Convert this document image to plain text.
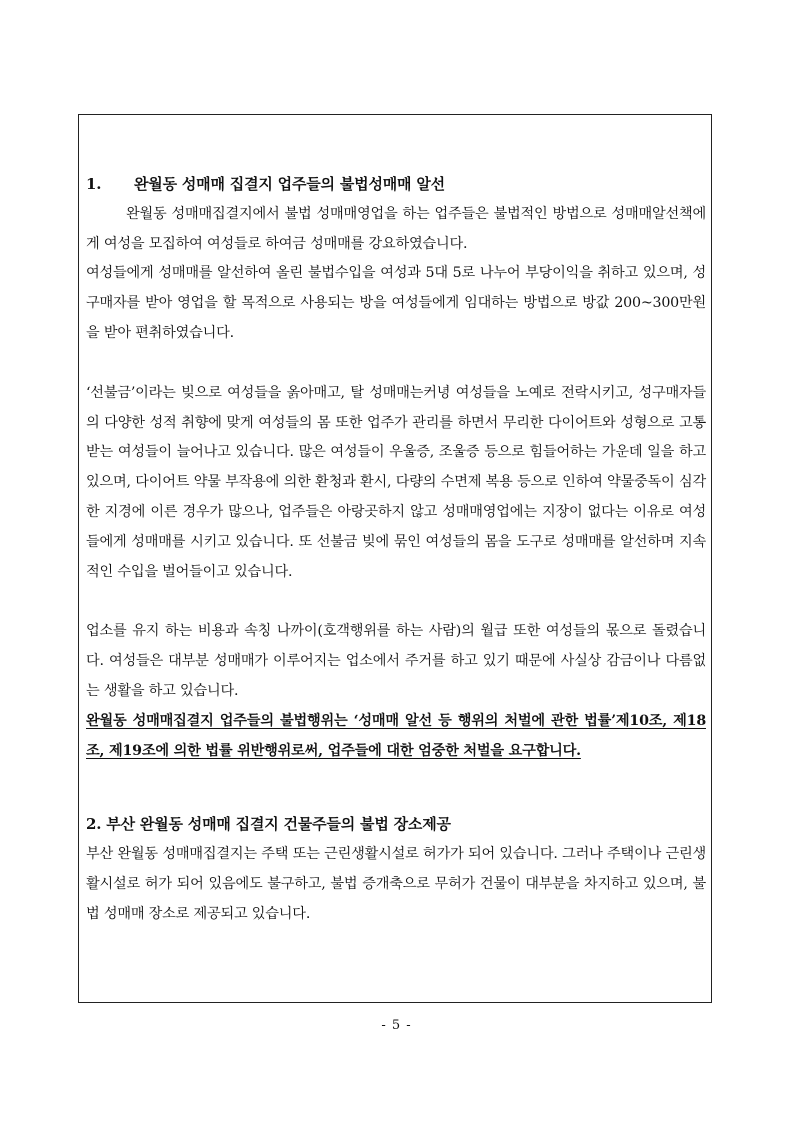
1. 완월동 성매매 집결지 업주들의 불법성매매 알선

완월동 성매매집결지에서 불법 성매매영업을 하는 업주들은 불법적인 방법으로 성매매알선책에게 여성을 모집하여 여성들로 하여금 성매매를 강요하였습니다.

여성들에게 성매매를 알선하여 올린 불법수입을 여성과 5대 5로 나누어 부당이익을 취하고 있으며, 성구매자를 받아 영업을 할 목적으로 사용되는 방을 여성들에게 임대하는 방법으로 방값 200~300만원을 받아 편취하였습니다.

‘선불금’이라는 빚으로 여성들을 옭아매고, 탈 성매매는커녕 여성들을 노예로 전락시키고, 성구매자들의 다양한 성적 취향에 맞게 여성들의 몸 또한 업주가 관리를 하면서 무리한 다이어트와 성형으로 고통 받는 여성들이 늘어나고 있습니다. 많은 여성들이 우울증, 조울증 등으로 힘들어하는 가운데 일을 하고 있으며, 다이어트 약물 부작용에 의한 환청과 환시, 다량의 수면제 복용 등으로 인하여 약물중독이 심각한 지경에 이른 경우가 많으나, 업주들은 아랑곳하지 않고 성매매영업에는 지장이 없다는 이유로 여성들에게 성매매를 시키고 있습니다. 또 선불금 빚에 묶인 여성들의 몸을 도구로 성매매를 알선하며 지속적인 수입을 벌어들이고 있습니다.

업소를 유지 하는 비용과 속칭 나까이(호객행위를 하는 사람)의 월급 또한 여성들의 몫으로 돌렸습니다. 여성들은 대부분 성매매가 이루어지는 업소에서 주거를 하고 있기 때문에 사실상 감금이나 다름없는 생활을 하고 있습니다.

완월동 성매매집결지 업주들의 불법행위는 ‘성매매 알선 등 행위의 처벌에 관한 법률’제10조, 제18조, 제19조에 의한 법률 위반행위로써, 업주들에 대한 엄중한 처벌을 요구합니다.

2. 부산 완월동 성매매 집결지 건물주들의 불법 장소제공

부산 완월동 성매매집결지는 주택 또는 근린생활시설로 허가가 되어 있습니다. 그러나 주택이나 근린생활시설로 허가 되어 있음에도 불구하고, 불법 증개축으로 무허가 건물이 대부분을 차지하고 있으며, 불법 성매매 장소로 제공되고 있습니다.

- 5 -
